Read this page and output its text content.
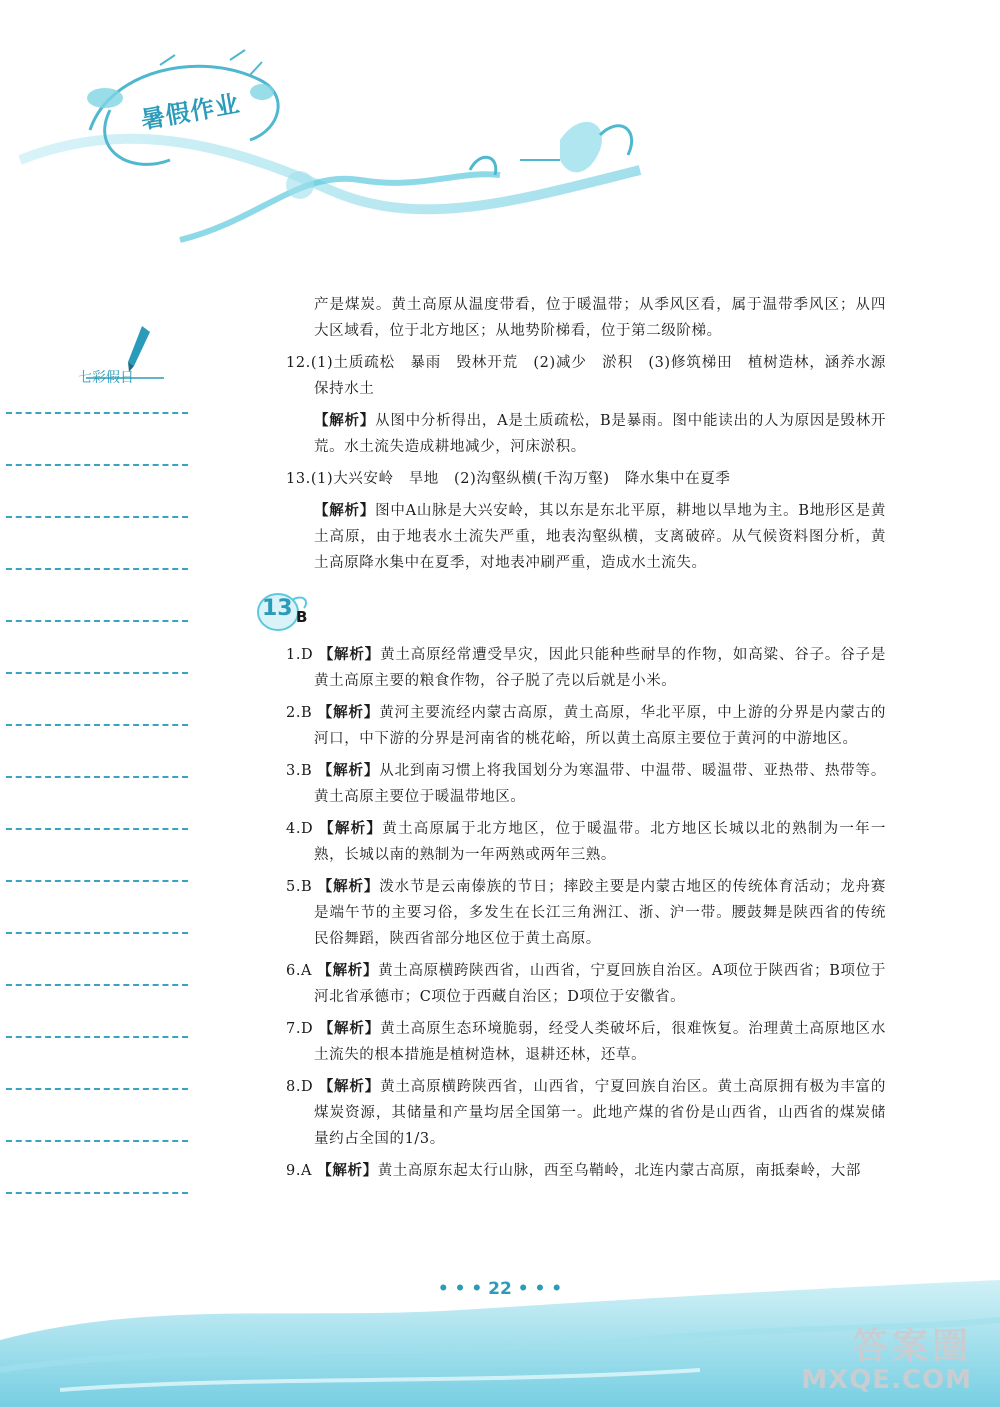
暑假作业
七彩假日

产是煤炭。黄土高原从温度带看，位于暖温带；从季风区看，属于温带季风区；从四大区域看，位于北方地区；从地势阶梯看，位于第二级阶梯。

12.(1)土质疏松　暴雨　毁林开荒　(2)减少　淤积　(3)修筑梯田　植树造林，涵养水源　保持水土

【解析】从图中分析得出，A是土质疏松，B是暴雨。图中能读出的人为原因是毁林开荒。水土流失造成耕地减少，河床淤积。

13.(1)大兴安岭　旱地　(2)沟壑纵横(千沟万壑)　降水集中在夏季

【解析】图中A山脉是大兴安岭，其以东是东北平原，耕地以旱地为主。B地形区是黄土高原，由于地表水土流失严重，地表沟壑纵横，支离破碎。从气候资料图分析，黄土高原降水集中在夏季，对地表冲刷严重，造成水土流失。

13 B

1.D 【解析】黄土高原经常遭受旱灾，因此只能种些耐旱的作物，如高粱、谷子。谷子是黄土高原主要的粮食作物，谷子脱了壳以后就是小米。

2.B 【解析】黄河主要流经内蒙古高原，黄土高原，华北平原，中上游的分界是内蒙古的河口，中下游的分界是河南省的桃花峪，所以黄土高原主要位于黄河的中游地区。

3.B 【解析】从北到南习惯上将我国划分为寒温带、中温带、暖温带、亚热带、热带等。黄土高原主要位于暖温带地区。

4.D 【解析】黄土高原属于北方地区，位于暖温带。北方地区长城以北的熟制为一年一熟，长城以南的熟制为一年两熟或两年三熟。

5.B 【解析】泼水节是云南傣族的节日；摔跤主要是内蒙古地区的传统体育活动；龙舟赛是端午节的主要习俗，多发生在长江三角洲江、浙、沪一带。腰鼓舞是陕西省的传统民俗舞蹈，陕西省部分地区位于黄土高原。

6.A 【解析】黄土高原横跨陕西省，山西省，宁夏回族自治区。A项位于陕西省；B项位于河北省承德市；C项位于西藏自治区；D项位于安徽省。

7.D 【解析】黄土高原生态环境脆弱，经受人类破坏后，很难恢复。治理黄土高原地区水土流失的根本措施是植树造林，退耕还林，还草。

8.D 【解析】黄土高原横跨陕西省，山西省，宁夏回族自治区。黄土高原拥有极为丰富的煤炭资源，其储量和产量均居全国第一。此地产煤的省份是山西省，山西省的煤炭储量约占全国的1/3。

9.A 【解析】黄土高原东起太行山脉，西至乌鞘岭，北连内蒙古高原，南抵秦岭，大部

• • • 22 • • •
答案圈
MXQE.COM
